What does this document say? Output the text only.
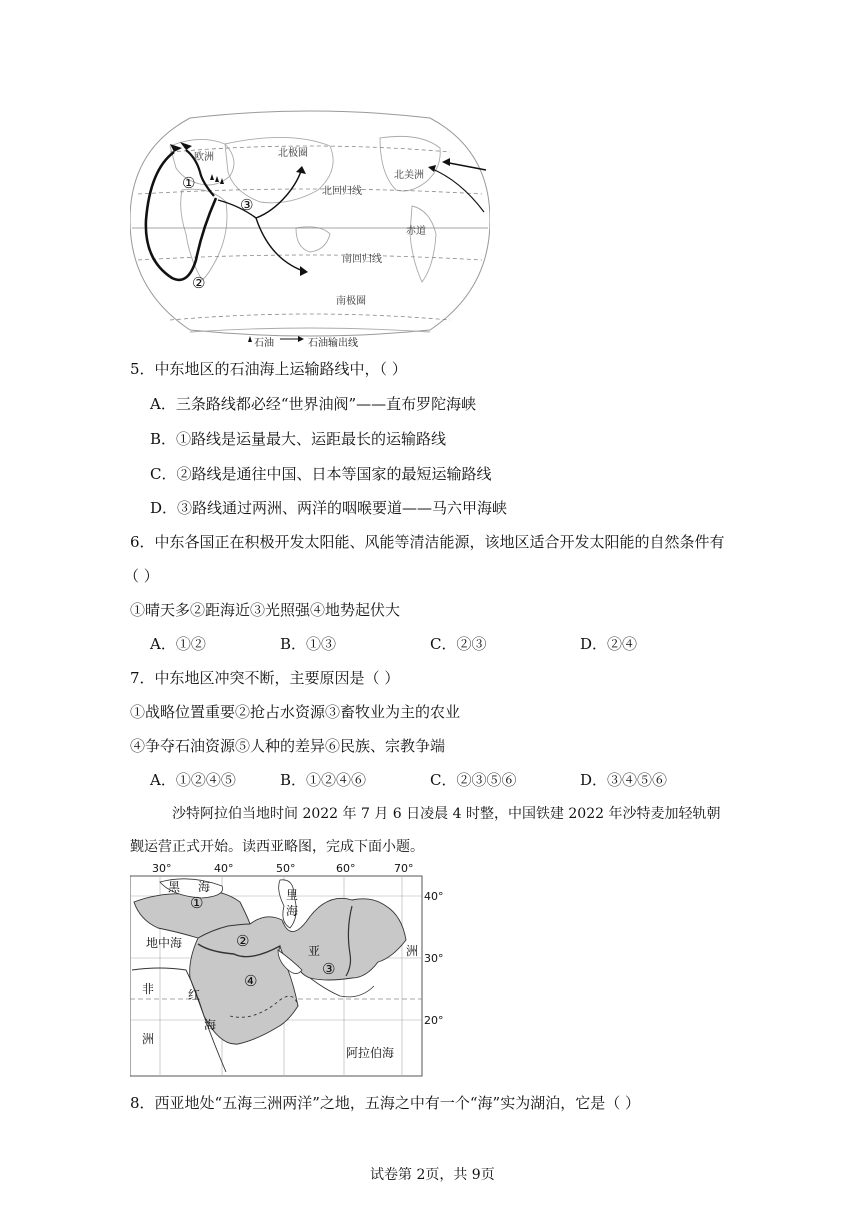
欧洲	北极圈
北美洲
北回归线
赤道
南回归线
南极圈
①
②
③
石油	石油输出线
5．中东地区的石油海上运输路线中，（ ）
A．三条路线都必经“世界油阀”——直布罗陀海峡
B．①路线是运量最大、运距最长的运输路线
C．②路线是通往中国、日本等国家的最短运输路线
D．③路线通过两洲、两洋的咽喉要道——马六甲海峡
6．中东各国正在积极开发太阳能、风能等清洁能源，该地区适合开发太阳能的自然条件有
（ ）
①晴天多②距海近③光照强④地势起伏大
A．①②	B．①③	C．②③	D．②④
7．中东地区冲突不断，主要原因是（ ）
①战略位置重要②抢占水资源③畜牧业为主的农业
④争夺石油资源⑤人种的差异⑥民族、宗教争端
A．①②④⑤	B．①②④⑥	C．②③⑤⑥	D．③④⑤⑥
沙特阿拉伯当地时间 2022 年 7 月 6 日凌晨 4 时整，中国铁建 2022 年沙特麦加轻轨朝
觐运营正式开始。读西亚略图，完成下面小题。
30°	40°	50°	60°	70°
40°
30°
20°
黑 海
里
海
地中海
亚	洲
非
洲
红
海
阿拉伯海
①
②
③
④
8．西亚地处“五海三洲两洋”之地，五海之中有一个“海”实为湖泊，它是（ ）
试卷第 2页，共 9页
